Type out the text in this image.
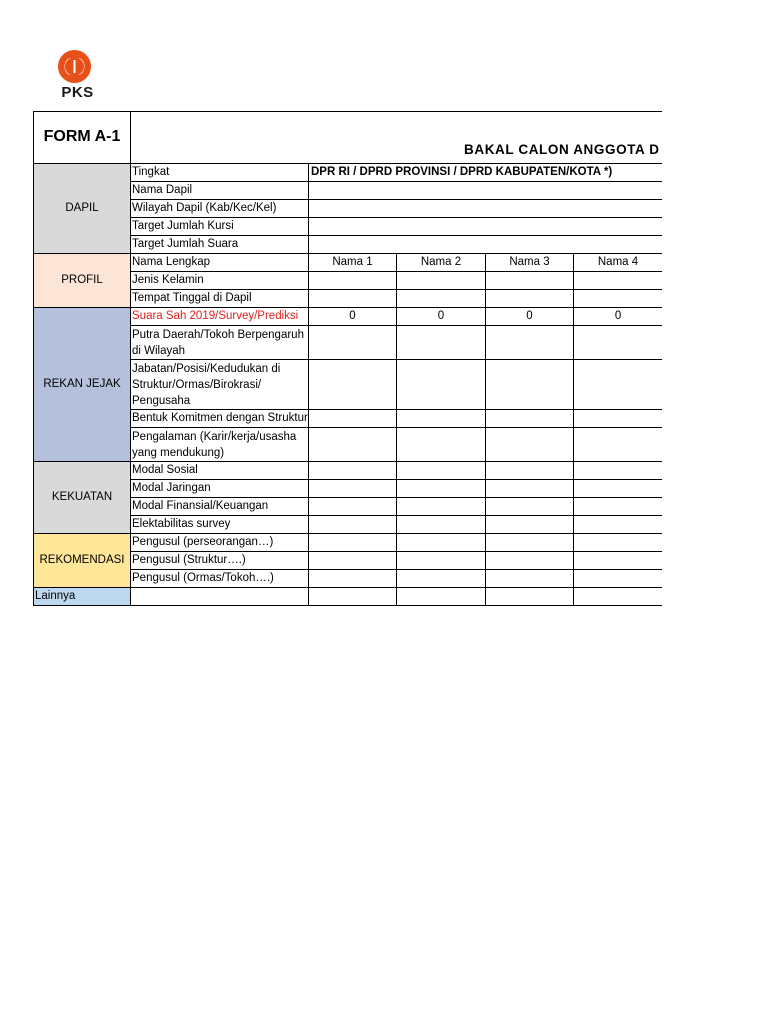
PKS
FORM A-1
BAKAL CALON ANGGOTA D
DAPIL	Tingkat	DPR RI / DPRD PROVINSI / DPRD KABUPATEN/KOTA *)			
	Nama Dapil				
	Wilayah Dapil (Kab/Kec/Kel)				
	Target Jumlah Kursi				
	Target Jumlah Suara				
PROFIL	Nama Lengkap	Nama 1	Nama 2	Nama 3	Nama 4
	Jenis Kelamin				
	Tempat Tinggal di Dapil				
REKAN JEJAK	Suara Sah 2019/Survey/Prediksi	0	0	0	0
	Putra Daerah/Tokoh Berpengaruh di Wilayah				
	Jabatan/Posisi/Kedudukan di Struktur/Ormas/Birokrasi/ Pengusaha				
	Bentuk Komitmen dengan Struktur				
	Pengalaman (Karir/kerja/usasha yang mendukung)				
KEKUATAN	Modal Sosial				
	Modal Jaringan				
	Modal Finansial/Keuangan				
	Elektabilitas survey				
REKOMENDASI	Pengusul (perseorangan…)				
	Pengusul (Struktur….)				
	Pengusul (Ormas/Tokoh….)				
Lainnya					
